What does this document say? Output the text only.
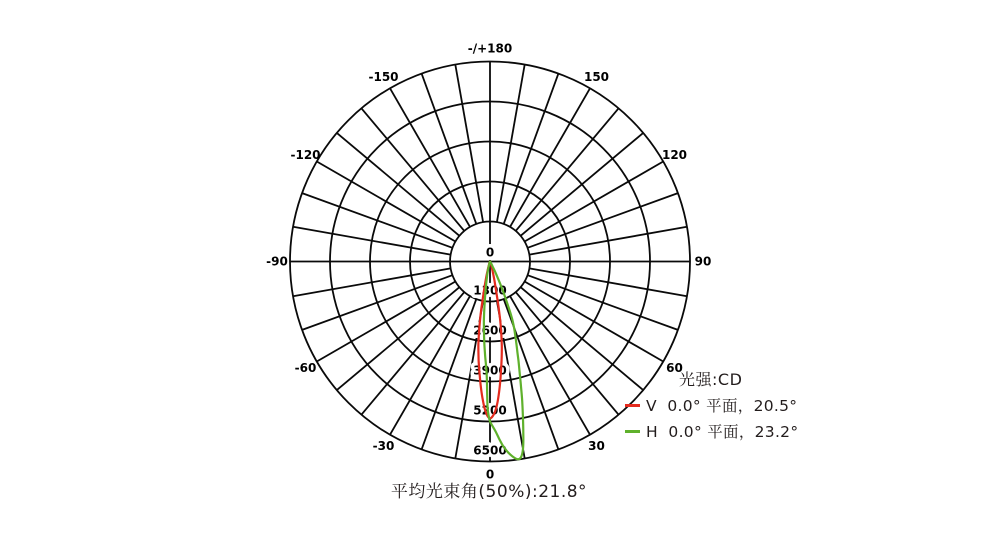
0
1300
2600
3900
5200
6500
0
30
60
90
120
150
-/+180
-150
-120
-90
-60
-30
光强:CD
V  0.0° 平面，20.5°
H  0.0° 平面，23.2°
平均光束角(50%):21.8°
